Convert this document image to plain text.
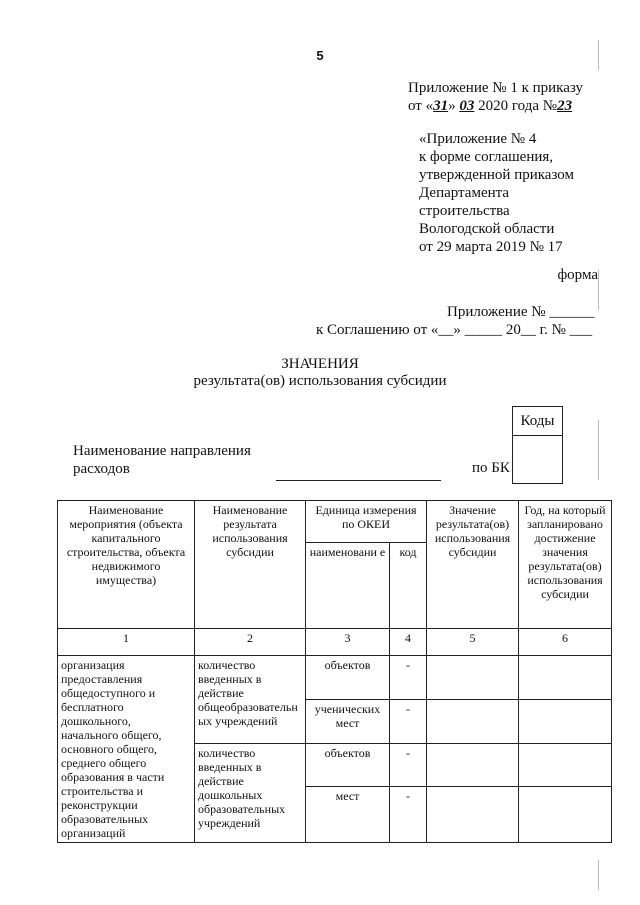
5
Приложение № 1 к приказу
от «31» 03 2020 года №23
«Приложение № 4
к форме соглашения,
утвержденной приказом
Департамента
строительства
Вологодской области
от 29 марта 2019 № 17
форма
Приложение № ______
к Соглашению от «__» _____ 20__ г. № ___
ЗНАЧЕНИЯ
результата(ов) использования субсидии
Коды
Наименование направления
расходов	по БК
Наименование мероприятия (объекта капитального строительства, объекта недвижимого имущества)	Наименование результата использования субсидии	Единица измерения по ОКЕИ		Значение результата(ов) использования субсидии	Год, на который запланировано достижение значения результата(ов) использования субсидии
		наименовани е	код		
1	2	3	4	5	6
организация предоставления общедоступного и бесплатного дошкольного, начального общего, основного общего, среднего общего образования в части строительства и реконструкции образовательных организаций	количество введенных в действие общеобразовательн ых учреждений	объектов	-		
		ученических мест	-		
	количество введенных в действие дошкольных образовательных учреждений	объектов	-		
		мест	-		
